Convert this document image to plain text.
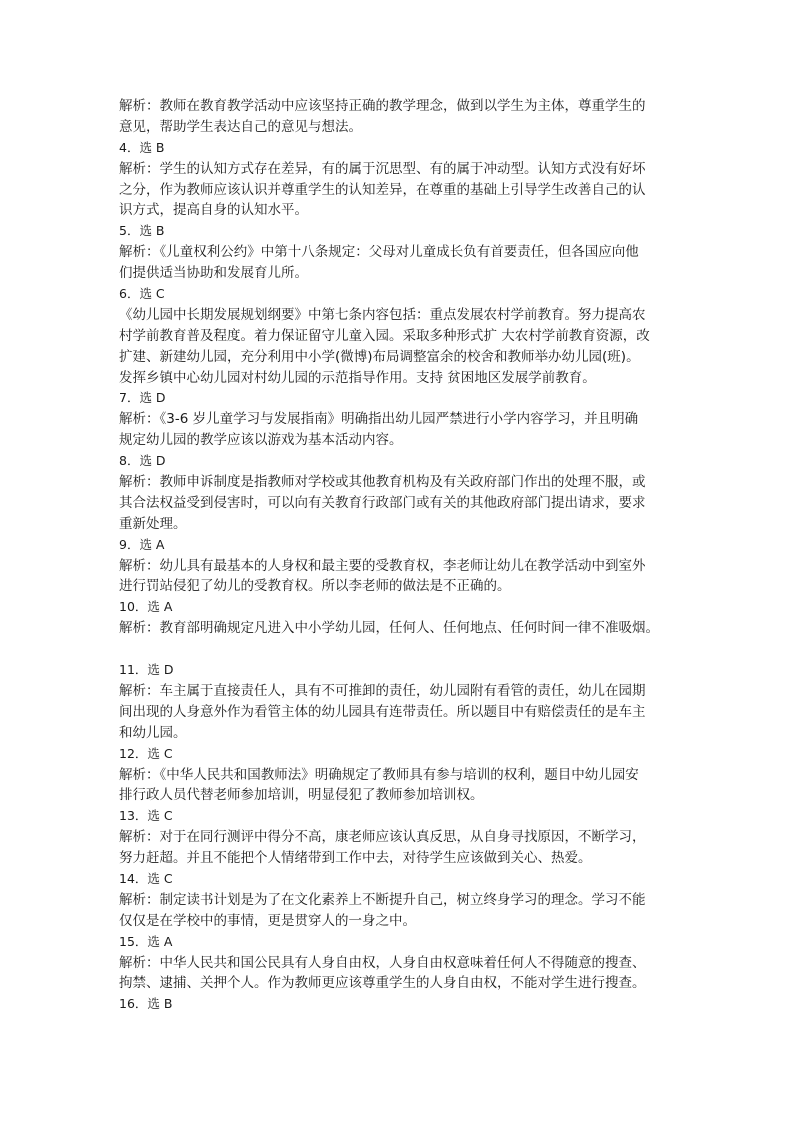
解析：教师在教育教学活动中应该坚持正确的教学理念，做到以学生为主体，尊重学生的
意见，帮助学生表达自己的意见与想法。
4．选 B
解析：学生的认知方式存在差异，有的属于沉思型、有的属于冲动型。认知方式没有好坏
之分，作为教师应该认识并尊重学生的认知差异，在尊重的基础上引导学生改善自己的认
识方式，提高自身的认知水平。
5．选 B
解析：《儿童权利公约》中第十八条规定：父母对儿童成长负有首要责任，但各国应向他
们提供适当协助和发展育儿所。
6．选 C
《幼儿园中长期发展规划纲要》中第七条内容包括：重点发展农村学前教育。努力提高农
村学前教育普及程度。着力保证留守儿童入园。采取多种形式扩 大农村学前教育资源，改
扩建、新建幼儿园，充分利用中小学(微博)布局调整富余的校舍和教师举办幼儿园(班)。
发挥乡镇中心幼儿园对村幼儿园的示范指导作用。支持 贫困地区发展学前教育。
7．选 D
解析：《3-6 岁儿童学习与发展指南》明确指出幼儿园严禁进行小学内容学习，并且明确
规定幼儿园的教学应该以游戏为基本活动内容。
8．选 D
解析：教师申诉制度是指教师对学校或其他教育机构及有关政府部门作出的处理不服，或
其合法权益受到侵害时，可以向有关教育行政部门或有关的其他政府部门提出请求，要求
重新处理。
9．选 A
解析：幼儿具有最基本的人身权和最主要的受教育权，李老师让幼儿在教学活动中到室外
进行罚站侵犯了幼儿的受教育权。所以李老师的做法是不正确的。
10．选 A
解析：教育部明确规定凡进入中小学幼儿园，任何人、任何地点、任何时间一律不准吸烟。
11．选 D
解析：车主属于直接责任人，具有不可推卸的责任，幼儿园附有看管的责任，幼儿在园期
间出现的人身意外作为看管主体的幼儿园具有连带责任。所以题目中有赔偿责任的是车主
和幼儿园。
12．选 C
解析：《中华人民共和国教师法》明确规定了教师具有参与培训的权利，题目中幼儿园安
排行政人员代替老师参加培训，明显侵犯了教师参加培训权。
13．选 C
解析：对于在同行测评中得分不高，康老师应该认真反思，从自身寻找原因，不断学习，
努力赶超。并且不能把个人情绪带到工作中去，对待学生应该做到关心、热爱。
14．选 C
解析：制定读书计划是为了在文化素养上不断提升自己，树立终身学习的理念。学习不能
仅仅是在学校中的事情，更是贯穿人的一身之中。
15．选 A
解析：中华人民共和国公民具有人身自由权，人身自由权意味着任何人不得随意的搜查、
拘禁、逮捕、关押个人。作为教师更应该尊重学生的人身自由权，不能对学生进行搜查。
16．选 B
